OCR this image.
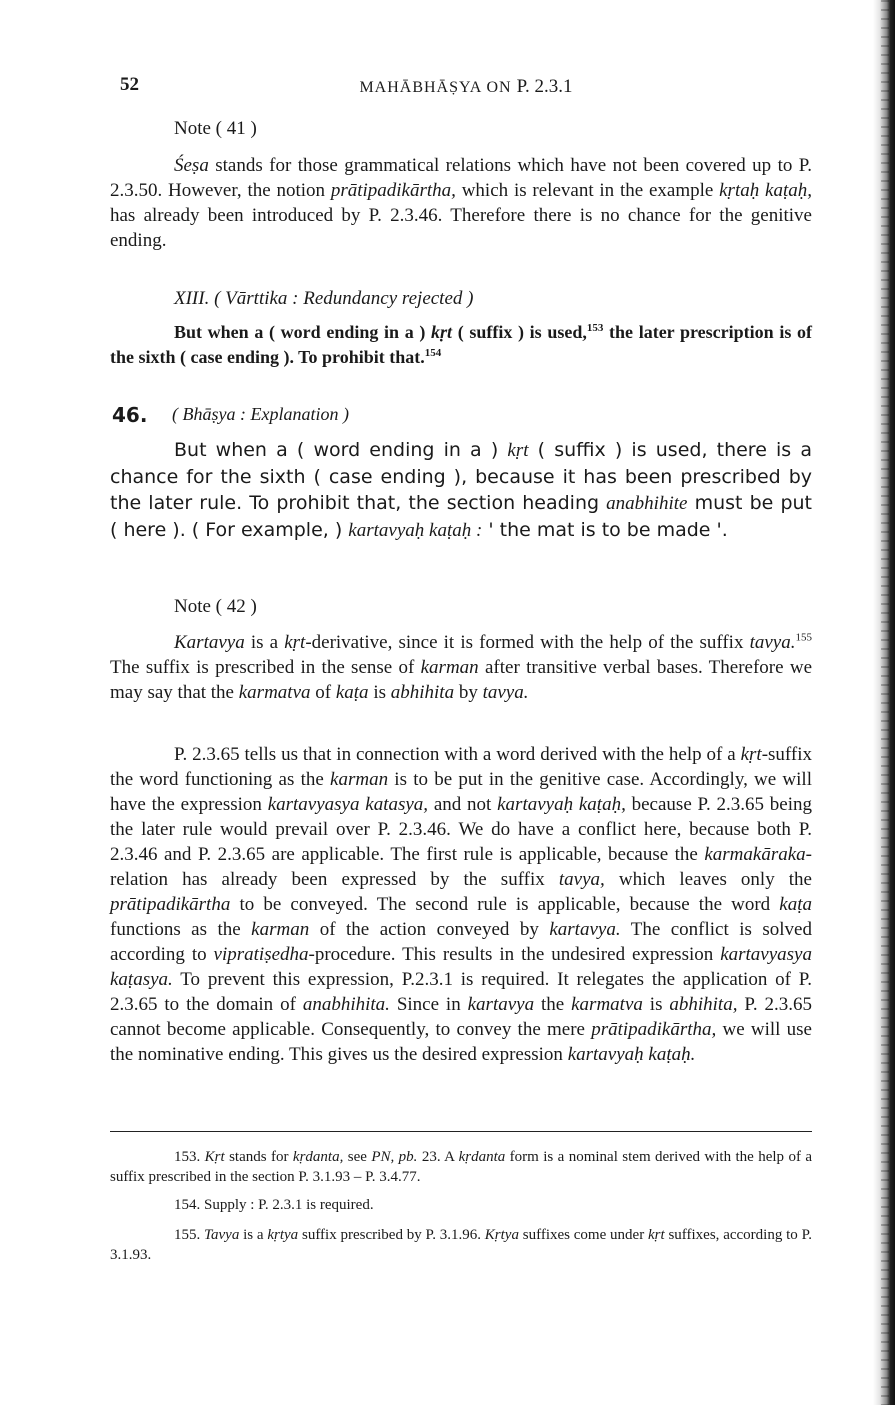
52	MAHĀBHĀṢYA ON P. 2.3.1
Note ( 41 )

Śeṣa stands for those grammatical relations which have not been covered up to P. 2.3.50. However, the notion prātipadikārtha, which is relevant in the example kṛtaḥ kaṭaḥ, has already been introduced by P. 2.3.46. Therefore there is no chance for the genitive ending.

XIII. ( Vārttika : Redundancy rejected )

But when a ( word ending in a ) kṛt ( suffix ) is used,$^{153}$ the later prescription is of the sixth ( case ending ). To prohibit that.$^{154}$

46. ( Bhāṣya : Explanation )

But when a ( word ending in a ) kṛt ( suffix ) is used, there is a chance for the sixth ( case ending ), because it has been prescribed by the later rule. To prohibit that, the section heading anabhihite must be put ( here ). ( For example, ) kartavyaḥ kaṭaḥ : ' the mat is to be made '.

Note ( 42 )

Kartavya is a kṛt-derivative, since it is formed with the help of the suffix tavya.$^{155}$ The suffix is prescribed in the sense of karman after transitive verbal bases. Therefore we may say that the karmatva of kaṭa is abhihita by tavya.

P. 2.3.65 tells us that in connection with a word derived with the help of a kṛt-suffix the word functioning as the karman is to be put in the genitive case. Accordingly, we will have the expression kartavyasya katasya, and not kartavyaḥ kaṭaḥ, because P. 2.3.65 being the later rule would prevail over P. 2.3.46. We do have a conflict here, because both P. 2.3.46 and P. 2.3.65 are applicable. The first rule is applicable, because the karmakāraka-relation has already been expressed by the suffix tavya, which leaves only the prātipadikārtha to be conveyed. The second rule is applicable, because the word kaṭa functions as the karman of the action conveyed by kartavya. The conflict is solved according to vipratiṣedha-procedure. This results in the undesired expression kartavyasya kaṭasya. To prevent this expression, P.2.3.1 is required. It relegates the application of P. 2.3.65 to the domain of anabhihita. Since in kartavya the karmatva is abhihita, P. 2.3.65 cannot become applicable. Consequently, to convey the mere prātipadikārtha, we will use the nominative ending. This gives us the desired expression kartavyaḥ kaṭaḥ.

153. Kṛt stands for kṛdanta, see PN, pb. 23. A kṛdanta form is a nominal stem derived with the help of a suffix prescribed in the section P. 3.1.93 – P. 3.4.77.

154. Supply : P. 2.3.1 is required.

155. Tavya is a kṛtya suffix prescribed by P. 3.1.96. Kṛtya suffixes come under kṛt suffixes, according to P. 3.1.93.
